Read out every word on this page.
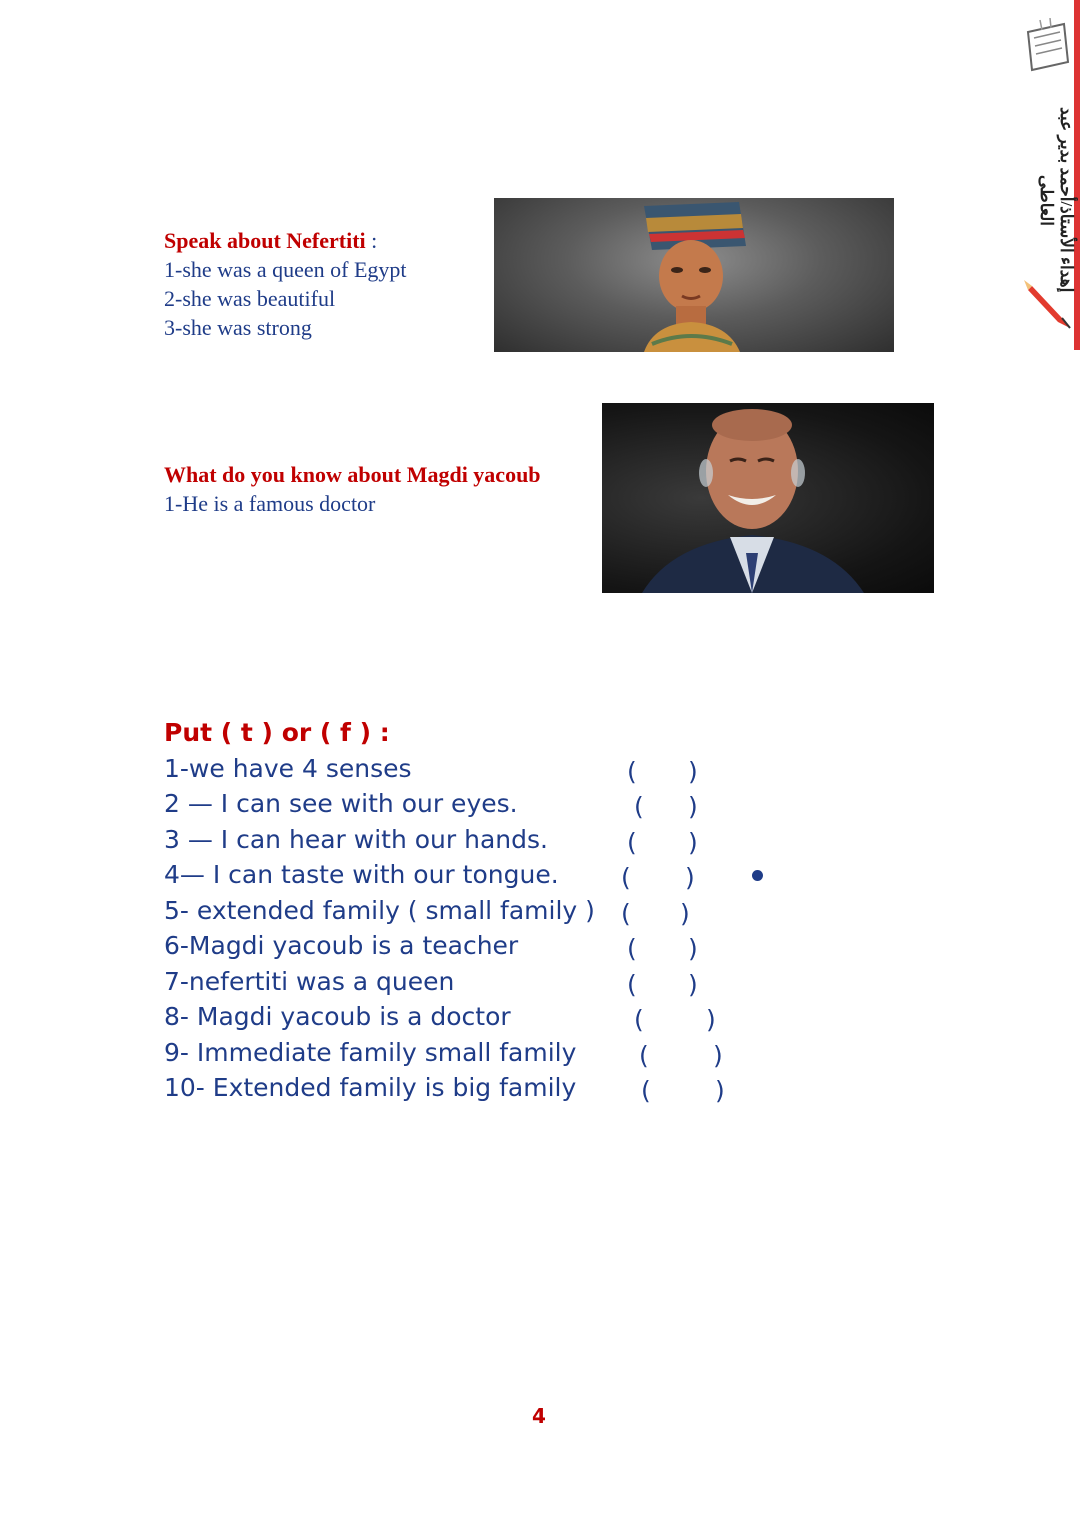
Speak about Nefertiti :
1-she was a queen of Egypt
2-she was beautiful
3-she was strong
What do you know about Magdi yacoub
1-He is a famous doctor
Put ( t ) or ( f ) :
1-we have 4 senses
2 — I can see with our eyes.
3 — I can hear with our hands.
4— I can taste with our tongue.
5- extended family ( small family )
6-Magdi yacoub is a teacher
7-nefertiti was a queen
8- Magdi yacoub is a doctor
9- Immediate family small family
10- Extended family is big family
( )
( )
( )
( )
( )
( )
( )
( )
(	)
(	)
4
إهداء الأستاذ/أحمد بدير عبد العاطى
